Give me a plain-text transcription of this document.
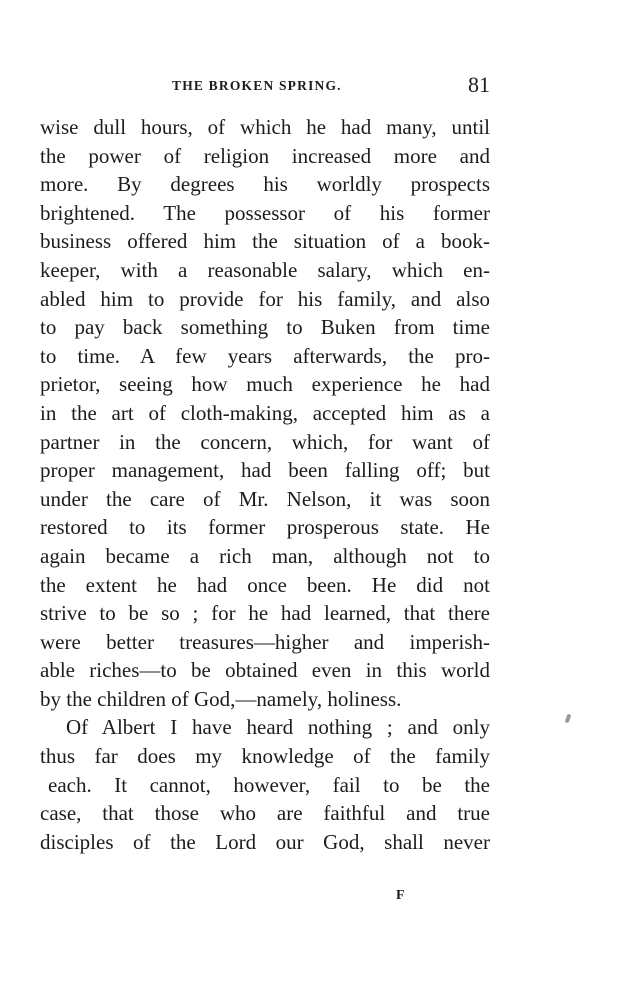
THE BROKEN SPRING.	81
wise dull hours, of which he had many, until
the power of religion increased more and
more. By degrees his worldly prospects
brightened. The possessor of his former
business offered him the situation of a book-
keeper, with a reasonable salary, which en-
abled him to provide for his family, and also
to pay back something to Buken from time
to time. A few years afterwards, the pro-
prietor, seeing how much experience he had
in the art of cloth-making, accepted him as a
partner in the concern, which, for want of
proper management, had been falling off; but
under the care of Mr. Nelson, it was soon
restored to its former prosperous state. He
again became a rich man, although not to
the extent he had once been. He did not
strive to be so ; for he had learned, that there
were better treasures—higher and imperish-
able riches—to be obtained even in this world
by the children of God,—namely, holiness.
Of Albert I have heard nothing ; and only
thus far does my knowledge of the family
each. It cannot, however, fail to be the
case, that those who are faithful and true
disciples of the Lord our God, shall never
F
